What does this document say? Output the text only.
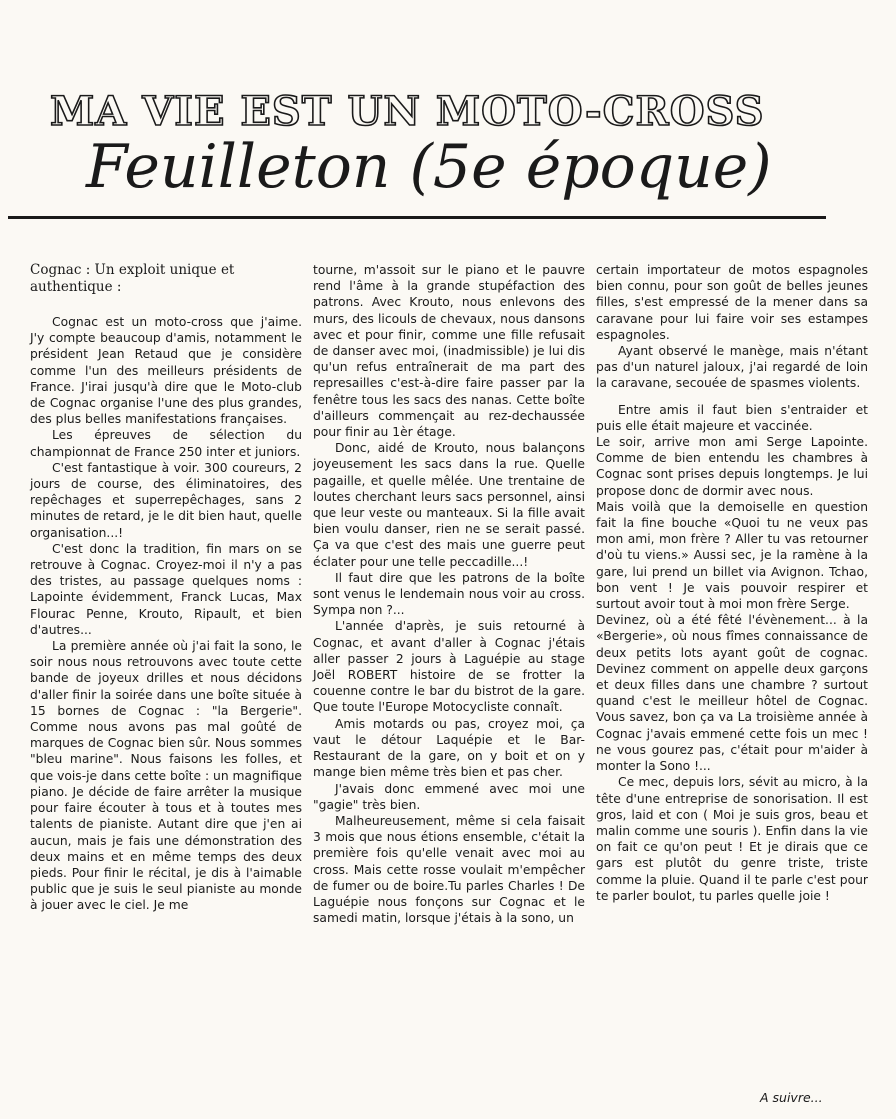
MA VIE EST UN MOTO-CROSS
Feuilleton (5e époque)

Cognac : Un exploit unique et authentique :

Cognac est un moto-cross que j'aime. J'y compte beaucoup d'amis, notamment le président Jean Retaud que je considère comme l'un des meilleurs présidents de France. J'irai jusqu'à dire que le Moto-club de Cognac organise l'une des plus grandes, des plus belles manifestations françaises.

Les épreuves de sélection du championnat de France 250 inter et juniors.

C'est fantastique à voir. 300 coureurs, 2 jours de course, des éliminatoires, des repêchages et superrepêchages, sans 2 minutes de retard, je le dit bien haut, quelle organisation...!

C'est donc la tradition, fin mars on se retrouve à Cognac. Croyez-moi il n'y a pas des tristes, au passage quelques noms : Lapointe évidemment, Franck Lucas, Max Flourac Penne, Krouto, Ripault, et bien d'autres...

La première année où j'ai fait la sono, le soir nous nous retrouvons avec toute cette bande de joyeux drilles et nous décidons d'aller finir la soirée dans une boîte située à 15 bornes de Cognac : "la Bergerie". Comme nous avons pas mal goûté de marques de Cognac bien sûr. Nous sommes "bleu marine". Nous faisons les folles, et que vois-je dans cette boîte : un magnifique piano. Je décide de faire arrêter la musique pour faire écouter à tous et à toutes mes talents de pianiste. Autant dire que j'en ai aucun, mais je fais une démonstration des deux mains et en même temps des deux pieds. Pour finir le récital, je dis à l'aimable public que je suis le seul pianiste au monde à jouer avec le ciel. Je me

tourne, m'assoit sur le piano et le pauvre rend l'âme à la grande stupéfaction des patrons. Avec Krouto, nous enlevons des murs, des licouls de chevaux, nous dansons avec et pour finir, comme une fille refusait de danser avec moi, (inadmissible) je lui dis qu'un refus entraînerait de ma part des represailles c'est-à-dire faire passer par la fenêtre tous les sacs des nanas. Cette boîte d'ailleurs commençait au rez-dechaussée pour finir au 1èr étage.

Donc, aidé de Krouto, nous balançons joyeusement les sacs dans la rue. Quelle pagaille, et quelle mêlée. Une trentaine de loutes cherchant leurs sacs personnel, ainsi que leur veste ou manteaux. Si la fille avait bien voulu danser, rien ne se serait passé. Ça va que c'est des mais une guerre peut éclater pour une telle peccadille...!

Il faut dire que les patrons de la boîte sont venus le lendemain nous voir au cross. Sympa non ?...

L'année d'après, je suis retourné à Cognac, et avant d'aller à Cognac j'étais aller passer 2 jours à Laguépie au stage Joël ROBERT histoire de se frotter la couenne contre le bar du bistrot de la gare. Que toute l'Europe Motocycliste connaît.

Amis motards ou pas, croyez moi, ça vaut le détour Laquépie et le Bar-Restaurant de la gare, on y boit et on y mange bien même très bien et pas cher.

J'avais donc emmené avec moi une "gagie" très bien.

Malheureusement, même si cela faisait 3 mois que nous étions ensemble, c'était la première fois qu'elle venait avec moi au cross. Mais cette rosse voulait m'empêcher de fumer ou de boire.Tu parles Charles ! De Laguépie nous fonçons sur Cognac et le samedi matin, lorsque j'étais à la sono, un

certain importateur de motos espagnoles bien connu, pour son goût de belles jeunes filles, s'est empressé de la mener dans sa caravane pour lui faire voir ses estampes espagnoles.

Ayant observé le manège, mais n'étant pas d'un naturel jaloux, j'ai regardé de loin la caravane, secouée de spasmes violents.

Entre amis il faut bien s'entraider et puis elle était majeure et vaccinée.

Le soir, arrive mon ami Serge Lapointe. Comme de bien entendu les chambres à Cognac sont prises depuis longtemps. Je lui propose donc de dormir avec nous.

Mais voilà que la demoiselle en question fait la fine bouche «Quoi tu ne veux pas mon ami, mon frère ? Aller tu vas retourner d'où tu viens.» Aussi sec, je la ramène à la gare, lui prend un billet via Avignon. Tchao, bon vent ! Je vais pouvoir respirer et surtout avoir tout à moi mon frère Serge.

Devinez, où a été fêté l'évènement... à la «Bergerie», où nous fîmes connaissance de deux petits lots ayant goût de cognac. Devinez comment on appelle deux garçons et deux filles dans une chambre ? surtout quand c'est le meilleur hôtel de Cognac. Vous savez, bon ça va La troisième année à Cognac j'avais emmené cette fois un mec ! ne vous gourez pas, c'était pour m'aider à monter la Sono !...

Ce mec, depuis lors, sévit au micro, à la tête d'une entreprise de sonorisation. Il est gros, laid et con ( Moi je suis gros, beau et malin comme une souris ). Enfin dans la vie on fait ce qu'on peut ! Et je dirais que ce gars est plutôt du genre triste, triste comme la pluie. Quand il te parle c'est pour te parler boulot, tu parles quelle joie !

A suivre...
